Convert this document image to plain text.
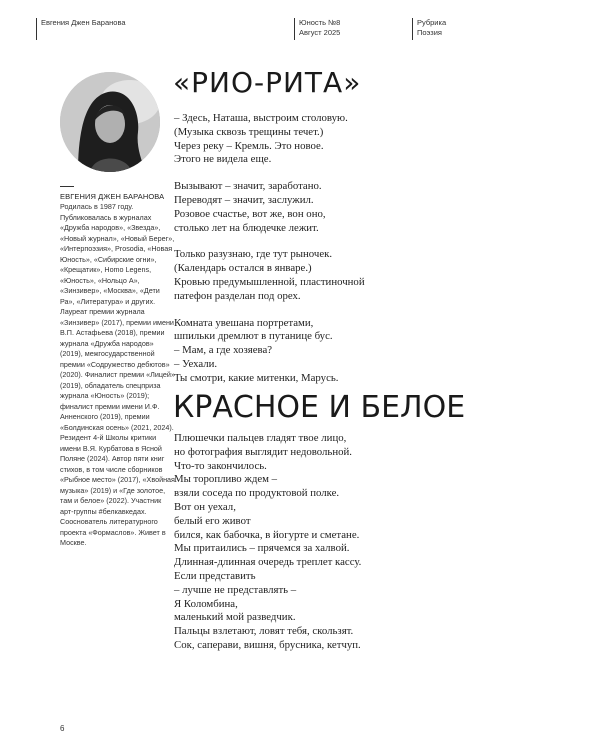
Евгения Джен Баранова	Юность №8
Август 2025
Рубрика
Поэзия
ЕВГЕНИЯ ДЖЕН БАРАНОВА
Родилась в 1987 году. Публиковалась в журналах «Дружба народов», «Звезда», «Новый журнал», «Новый Берег», «Интерпоэзия», Prosodia, «Новая Юность», «Сибирские огни», «Крещатик», Homo Legens, «Юность», «Нольцо А», «Зинзивер», «Москва», «Дети Ра», «Литература» и других. Лауреат премии журнала «Зинзивер» (2017), премии имени В.П. Астафьева (2018), премии журнала «Дружба народов» (2019), межгосударственной премии «Содружество дебютов» (2020). Финалист премии «Лицей» (2019), обладатель спецприза журнала «Юность» (2019); финалист премии имени И.Ф. Анненского (2019), премии «Болдинская осень» (2021, 2024). Резидент 4-й Школы критики имени В.Я. Курбатова в Ясной Поляне (2024). Автор пяти книг стихов, в том числе сборников «Рыбное место» (2017), «Хвойная музыка» (2019) и «Где золотое, там и белое» (2022). Участник арт-группы #белкавкедах. Сооснователь литературного проекта «Формаслов». Живет в Москве.
«РИО-РИТА»

– Здесь, Наташа, выстроим столовую.
(Музыка сквозь трещины течет.)
Через реку – Кремль. Это новое.
Этого не видела еще.

Вызывают – значит, заработано.
Переводят – значит, заслужил.
Розовое счастье, вот же, вон оно,
столько лет на блюдечке лежит.

Только разузнаю, где тут рыночек.
(Календарь остался в январе.)
Кровью предумышленной, пластиночной
патефон разделан под орех.

Комната увешана портретами,
шпильки дремлют в путанице бус.
– Мам, а где хозяева?
– Уехали.
Ты смотри, какие митенки, Марусь.

КРАСНОЕ И БЕЛОЕ

Плюшечки пальцев гладят твое лицо,
но фотография выглядит недовольной.
Что-то закончилось.
Мы торопливо ждем –
взяли соседа по продуктовой полке.
Вот он уехал,
белый его живот
бился, как бабочка, в йогурте и сметане.
Мы притаились – прячемся за халвой.
Длинная-длинная очередь треплет кассу.
Если представить
– лучше не представлять –
Я Коломбина,
маленький мой разведчик.
Пальцы взлетают, ловят тебя, скользят.
Сок, саперави, вишня, брусника, кетчуп.

6
